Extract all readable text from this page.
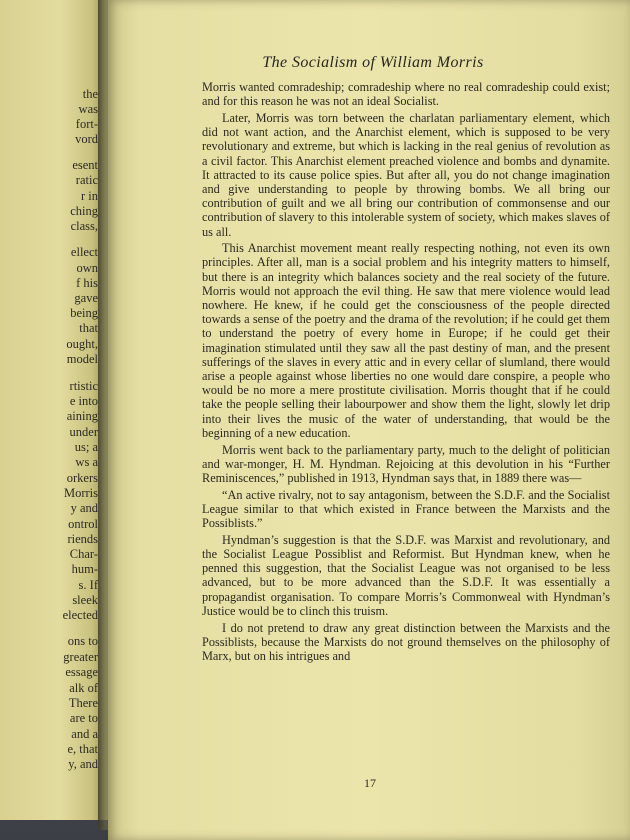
the
was
fort-
vord
esent
ratic
r in
ching
class,
ellect
own
f his
gave
being
that
ought,
model
rtistic
e into
aining
under
us; a
ws a
orkers
Morris
y and
ontrol
riends
Char-
hum-
s. If
sleek
elected
ons to
greater
essage
alk of
There
are to
and a
e, that
y, and
The Socialism of William Morris

Morris wanted comradeship; comradeship where no real comradeship could exist; and for this reason he was not an ideal Socialist.

Later, Morris was torn between the charlatan parliamentary element, which did not want action, and the Anarchist element, which is supposed to be very revolutionary and extreme, but which is lacking in the real genius of revolution as a civil factor. This Anarchist element preached violence and bombs and dynamite. It attracted to its cause police spies. But after all, you do not change imagination and give understanding to people by throwing bombs. We all bring our contribution of guilt and we all bring our contribution of commonsense and our contribution of slavery to this intolerable system of society, which makes slaves of us all.

This Anarchist movement meant really respecting nothing, not even its own principles. After all, man is a social problem and his integrity matters to himself, but there is an integrity which balances society and the real society of the future. Morris would not approach the evil thing. He saw that mere violence would lead nowhere. He knew, if he could get the consciousness of the people directed towards a sense of the poetry and the drama of the revolution; if he could get them to understand the poetry of every home in Europe; if he could get their imagination stimulated until they saw all the past destiny of man, and the present sufferings of the slaves in every attic and in every cellar of slumland, there would arise a people against whose liberties no one would dare conspire, a people who would be no more a mere prostitute civilisation. Morris thought that if he could take the people selling their labourpower and show them the light, slowly let drip into their lives the music of the water of understanding, that would be the beginning of a new education.

Morris went back to the parliamentary party, much to the delight of politician and war-monger, H. M. Hyndman. Rejoicing at this devolution in his “Further Reminiscences,” published in 1913, Hyndman says that, in 1889 there was—

“An active rivalry, not to say antagonism, between the S.D.F. and the Socialist League similar to that which existed in France between the Marxists and the Possiblists.”

Hyndman’s suggestion is that the S.D.F. was Marxist and revolutionary, and the Socialist League Possiblist and Reformist. But Hyndman knew, when he penned this suggestion, that the Socialist League was not organised to be less advanced, but to be more advanced than the S.D.F. It was essentially a propagandist organisation. To compare Morris’s Commonweal with Hyndman’s Justice would be to clinch this truism.

I do not pretend to draw any great distinction between the Marxists and the Possiblists, because the Marxists do not ground themselves on the philosophy of Marx, but on his intrigues and

17
